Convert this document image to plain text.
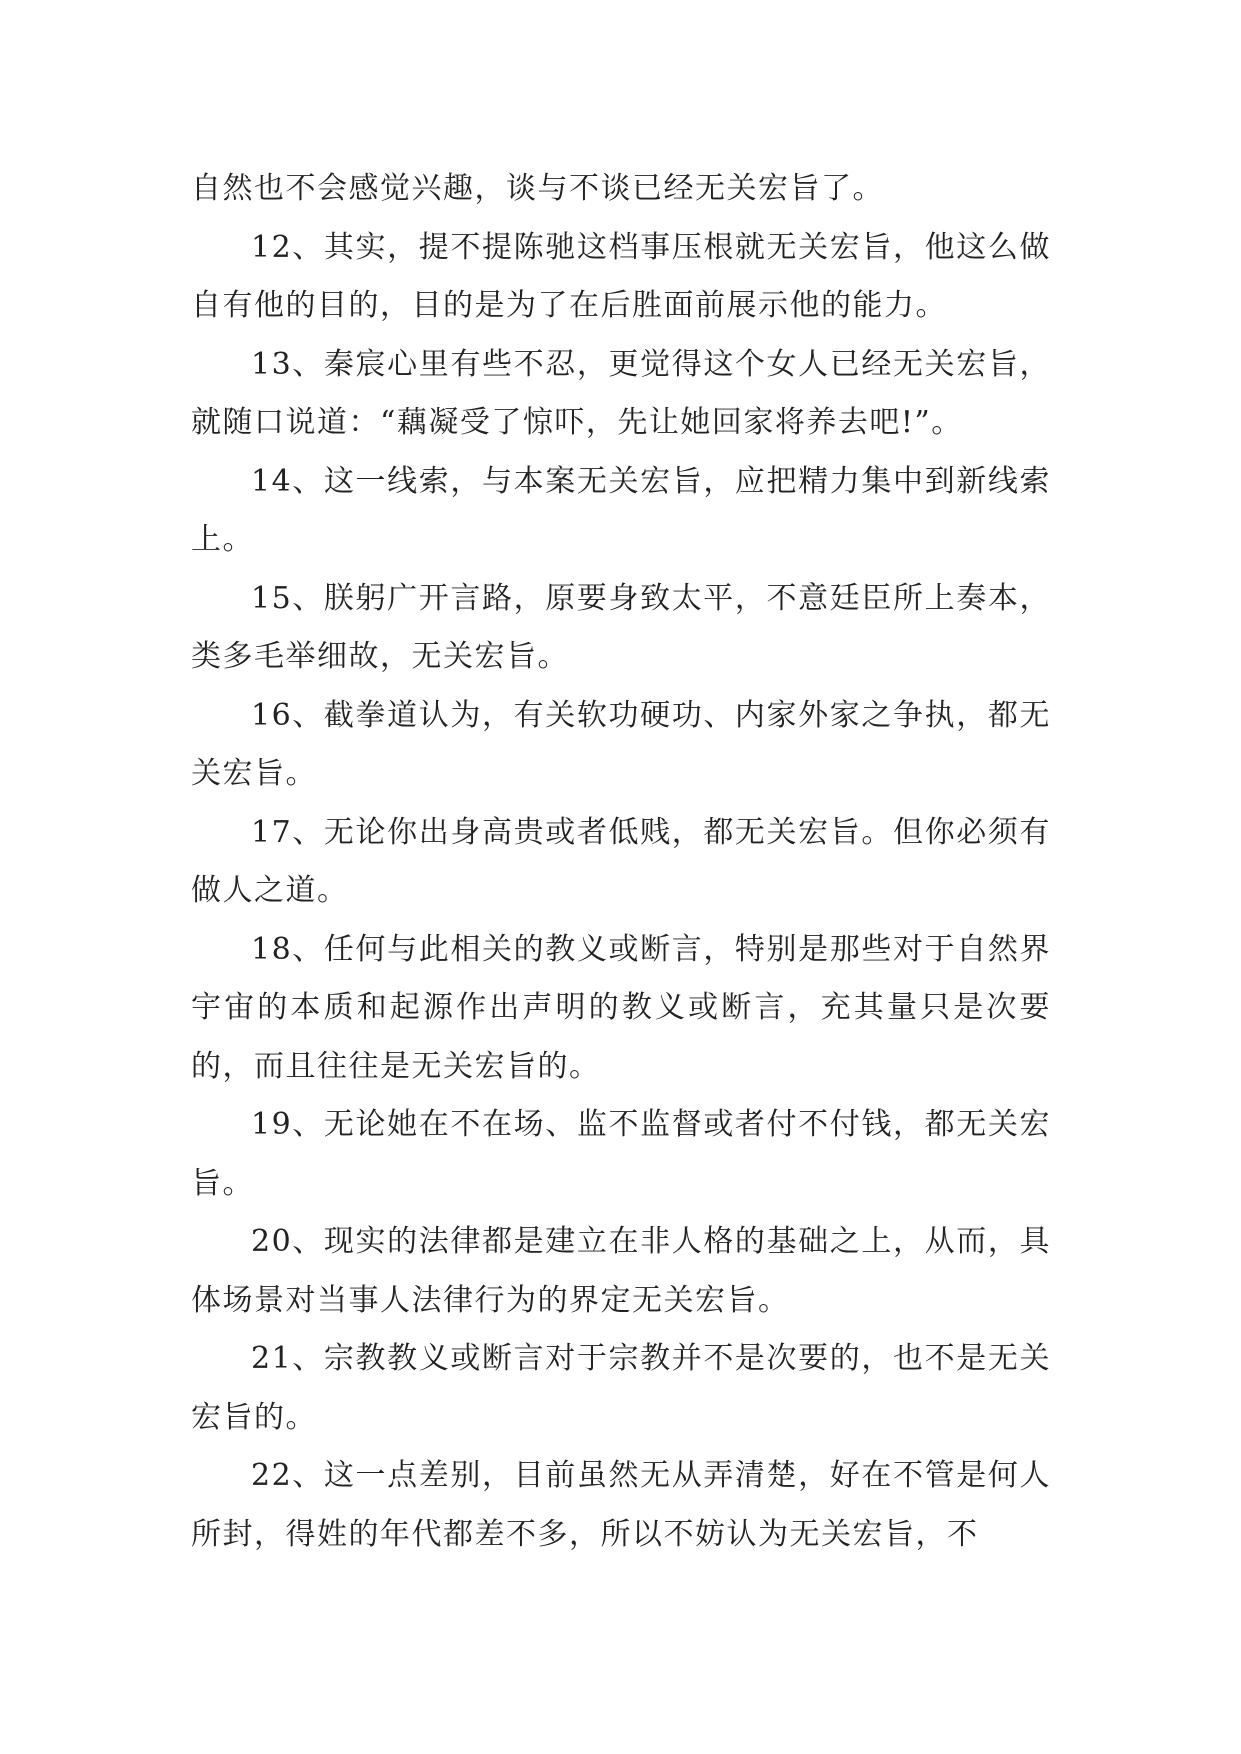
自然也不会感觉兴趣，谈与不谈已经无关宏旨了。

12、其实，提不提陈驰这档事压根就无关宏旨，他这么做自有他的目的，目的是为了在后胜面前展示他的能力。

13、秦宸心里有些不忍，更觉得这个女人已经无关宏旨，就随口说道：“藕凝受了惊吓，先让她回家将养去吧!”。

14、这一线索，与本案无关宏旨，应把精力集中到新线索上。

15、朕躬广开言路，原要身致太平，不意廷臣所上奏本，类多毛举细故，无关宏旨。

16、截拳道认为，有关软功硬功、内家外家之争执，都无关宏旨。

17、无论你出身高贵或者低贱，都无关宏旨。但你必须有做人之道。

18、任何与此相关的教义或断言，特别是那些对于自然界宇宙的本质和起源作出声明的教义或断言，充其量只是次要的，而且往往是无关宏旨的。

19、无论她在不在场、监不监督或者付不付钱，都无关宏旨。

20、现实的法律都是建立在非人格的基础之上，从而，具体场景对当事人法律行为的界定无关宏旨。

21、宗教教义或断言对于宗教并不是次要的，也不是无关宏旨的。

22、这一点差别，目前虽然无从弄清楚，好在不管是何人所封，得姓的年代都差不多，所以不妨认为无关宏旨，不
